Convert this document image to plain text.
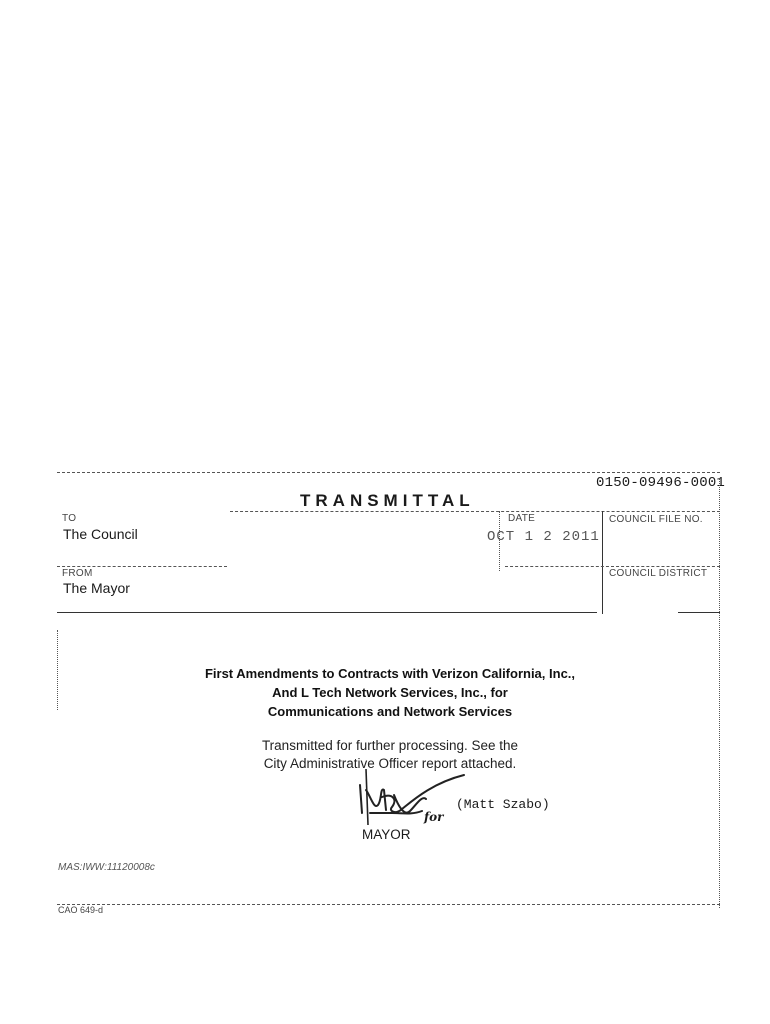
0150-09496-0001
TRANSMITTAL
TO
The Council
DATE
OCT 1 2 2011
COUNCIL FILE NO.
FROM
The Mayor
COUNCIL DISTRICT
First Amendments to Contracts with Verizon California, Inc.,
And L Tech Network Services, Inc., for
Communications and Network Services
Transmitted for further processing. See the
City Administrative Officer report attached.
(Matt Szabo)
for
MAYOR
MAS:IWW:11120008c
CAO 649-d
